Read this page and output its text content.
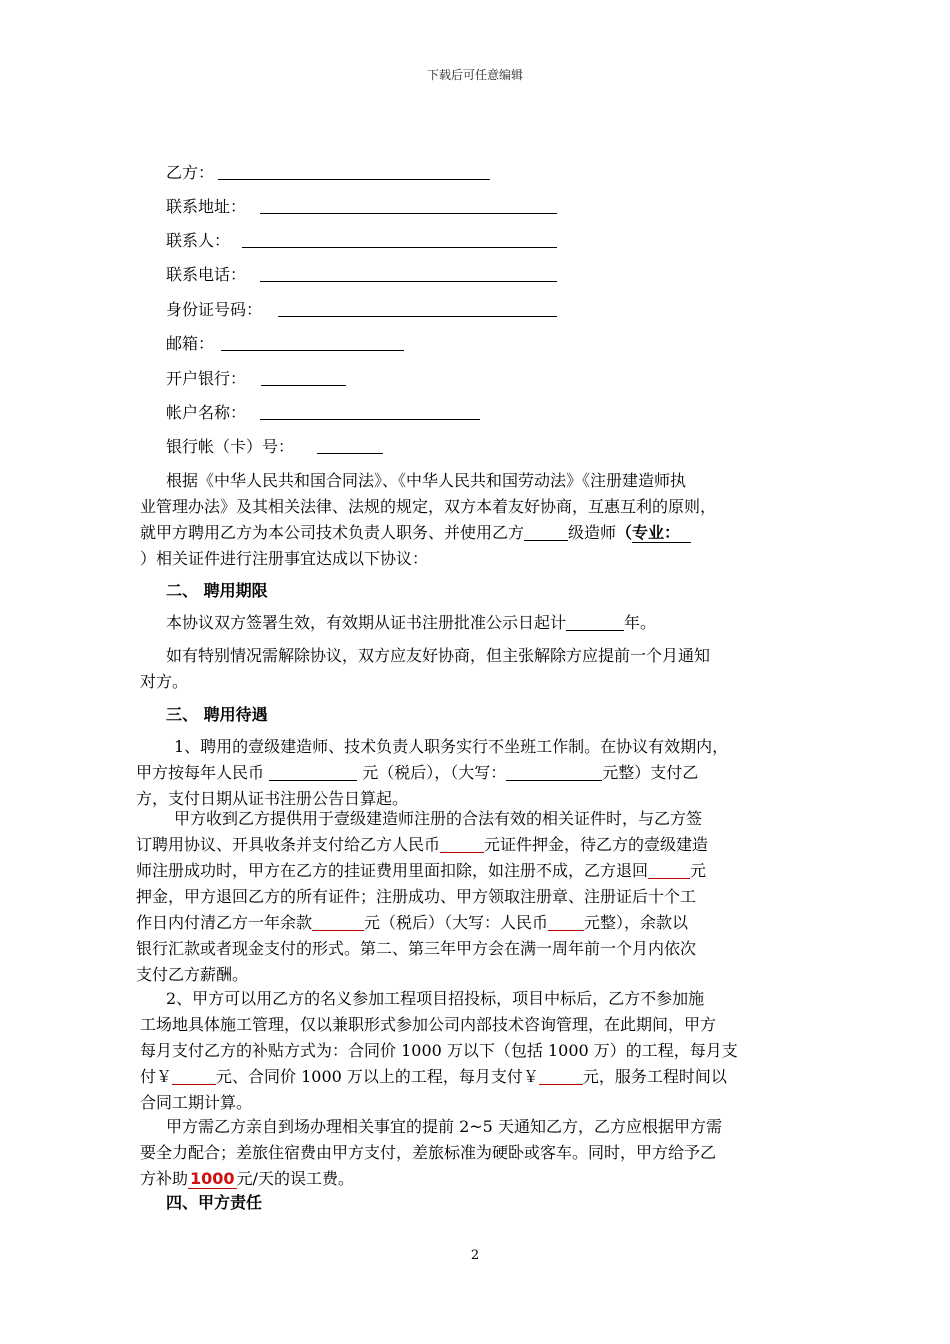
下载后可任意编辑
乙方：
联系地址：
联系人：
联系电话：
身份证号码：
邮箱：
开户银行：
帐户名称：
银行帐（卡）号：
根据《中华人民共和国合同法》、《中华人民共和国劳动法》《注册建造师执
业管理办法》及其相关法律、法规的规定，双方本着友好协商，互惠互利的原则，
就甲方聘用乙方为本公司技术负责人职务、并使用乙方	级造师（专业：
）相关证件进行注册事宜达成以下协议：
二、 聘用期限
本协议双方签署生效，有效期从证书注册批准公示日起计	年。
如有特别情况需解除协议，双方应友好协商，但主张解除方应提前一个月通知
对方。
三、 聘用待遇
1、聘用的壹级建造师、技术负责人职务实行不坐班工作制。在协议有效期内，
甲方按每年人民币	元（税后），（大写：	元整）支付乙
方，支付日期从证书注册公告日算起。
甲方收到乙方提供用于壹级建造师注册的合法有效的相关证件时，与乙方签
订聘用协议、开具收条并支付给乙方人民币	元证件押金，待乙方的壹级建造
师注册成功时，甲方在乙方的挂证费用里面扣除，如注册不成，乙方退回	元
押金，甲方退回乙方的所有证件；注册成功、甲方领取注册章、注册证后十个工
作日内付清乙方一年余款	元（税后）（大写：人民币 元整），余款以
银行汇款或者现金支付的形式。第二、第三年甲方会在满一周年前一个月内依次
支付乙方薪酬。
2、甲方可以用乙方的名义参加工程项目招投标，项目中标后，乙方不参加施
工场地具体施工管理，仅以兼职形式参加公司内部技术咨询管理，在此期间，甲方
每月支付乙方的补贴方式为：合同价 1000 万以下（包括 1000 万）的工程，每月支
付￥	元、合同价 1000 万以上的工程，每月支付￥	元，服务工程时间以
合同工期计算。
甲方需乙方亲自到场办理相关事宜的提前 2~5 天通知乙方，乙方应根据甲方需
要全力配合；差旅住宿费由甲方支付，差旅标准为硬卧或客车。同时，甲方给予乙
方补助 1000 元/天的误工费。
四、甲方责任
2
